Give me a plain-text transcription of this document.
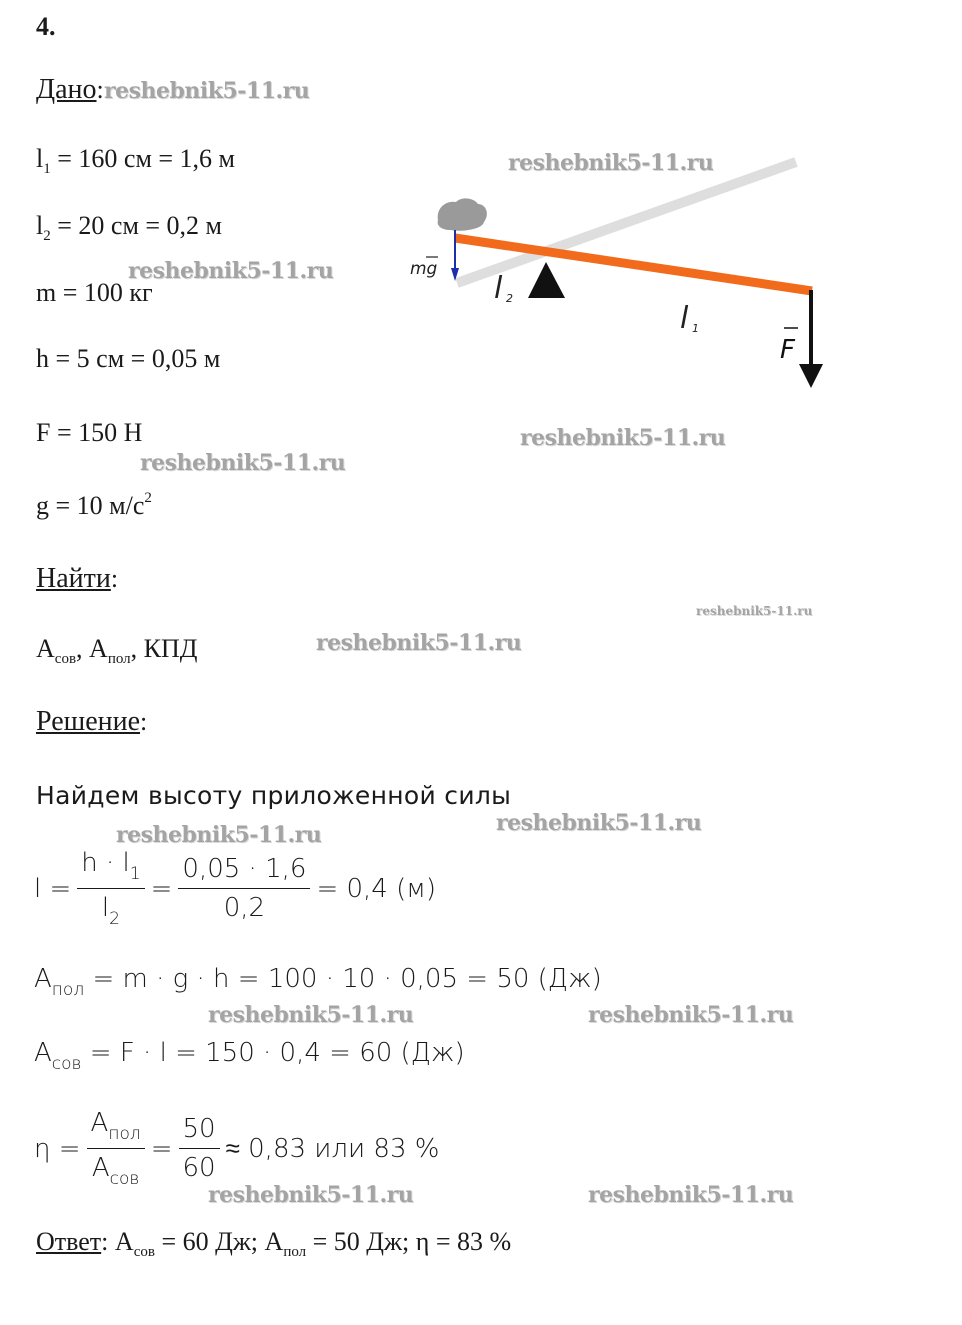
4.
Дано:
$l_1 = 160$ см = 1,6 м
$l_2 = 20$ см = 0,2 м
m = 100 кг
h = 5 см = 0,05 м
F = 150 Н
g = 10 $м/с^2$
Найти:
$А_{сов}$, $А_{пол}$, КПД
Решение:
Найдем высоту приложенной силы
$l = \frac{h \cdot l_1}{l_2} = \frac{0,05 \cdot 1,6}{0,2} = 0,4$ (м)
$А_{пол} = m \cdot g \cdot h = 100 \cdot 10 \cdot 0,05 = 50$ (Дж)
$А_{сов} = F \cdot l = 150 \cdot 0,4 = 60$ (Дж)
$\eta = \frac{А_{пол}}{А_{сов}} = \frac{50}{60} \approx 0,83$ или 83 %
Ответ: $А_{сов} = 60$ Дж; $А_{пол} = 50$ Дж; η = 83 %
mg
F
l 2
l 1
reshebnik5-11.ru
reshebnik5-11.ru
reshebnik5-11.ru
reshebnik5-11.ru
reshebnik5-11.ru
reshebnik5-11.ru
reshebnik5-11.ru
reshebnik5-11.ru	reshebnik5-11.ru
reshebnik5-11.ru	reshebnik5-11.ru
reshebnik5-11.ru	reshebnik5-11.ru
